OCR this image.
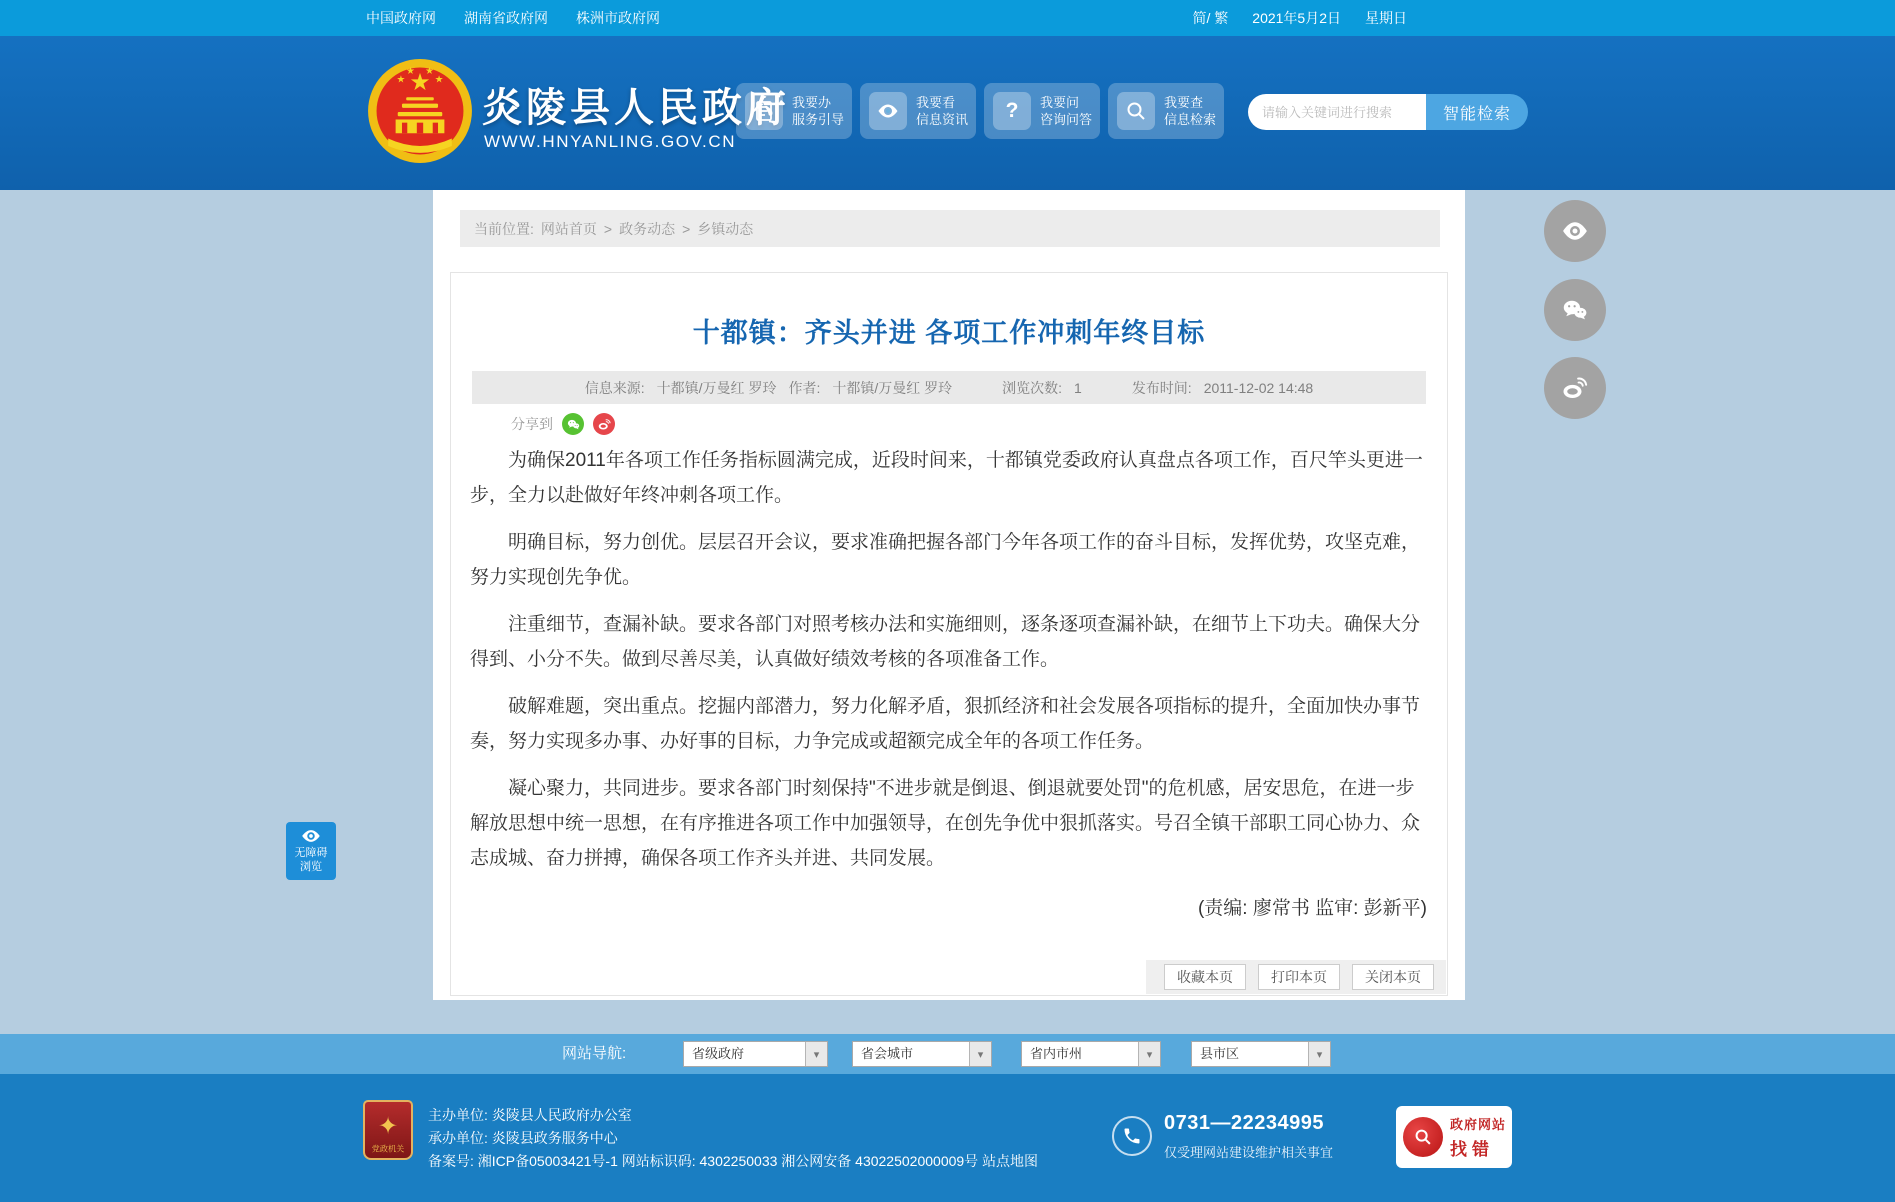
中国政府网 湖南省政府网 株洲市政府网	简/ 繁 2021年5月2日 星期日
炎陵县人民政府
WWW.HNYANLING.GOV.CN
我要办
服务引导
我要看
信息资讯 ? 我要问
咨询问答
我要查
信息检索
请输入关键词进行搜索	智能检索
当前位置: 网站首页 > 政务动态 > 乡镇动态
十都镇：齐头并进 各项工作冲刺年终目标
信息来源: 十都镇/万曼红 罗玲 作者: 十都镇/万曼红 罗玲	浏览次数: 1	发布时间: 2011-12-02 14:48
分享到

为确保2011年各项工作任务指标圆满完成，近段时间来，十都镇党委政府认真盘点各项工作，百尺竿头更进一步，全力以赴做好年终冲刺各项工作。

明确目标，努力创优。层层召开会议，要求准确把握各部门今年各项工作的奋斗目标，发挥优势，攻坚克难，努力实现创先争优。

注重细节，查漏补缺。要求各部门对照考核办法和实施细则，逐条逐项查漏补缺，在细节上下功夫。确保大分得到、小分不失。做到尽善尽美，认真做好绩效考核的各项准备工作。

破解难题，突出重点。挖掘内部潜力，努力化解矛盾，狠抓经济和社会发展各项指标的提升，全面加快办事节奏，努力实现多办事、办好事的目标，力争完成或超额完成全年的各项工作任务。

凝心聚力，共同进步。要求各部门时刻保持"不进步就是倒退、倒退就要处罚"的危机感，居安思危，在进一步解放思想中统一思想，在有序推进各项工作中加强领导，在创先争优中狠抓落实。号召全镇干部职工同心协力、众志成城、奋力拼搏，确保各项工作齐头并进、共同发展。

(责编: 廖常书 监审: 彭新平)
收藏本页	打印本页	关闭本页
网站导航:	省级政府	▾	省会城市	▾	省内市州	▾	县市区	▾
✦
党政机关
主办单位: 炎陵县人民政府办公室
承办单位: 炎陵县政务服务中心
备案号: 湘ICP备05003421号-1 网站标识码: 4302250033 湘公网安备 43022502000009号 站点地图
0731—22234995
仅受理网站建设维护相关事宜
政府网站
找错
无障碍
浏览
